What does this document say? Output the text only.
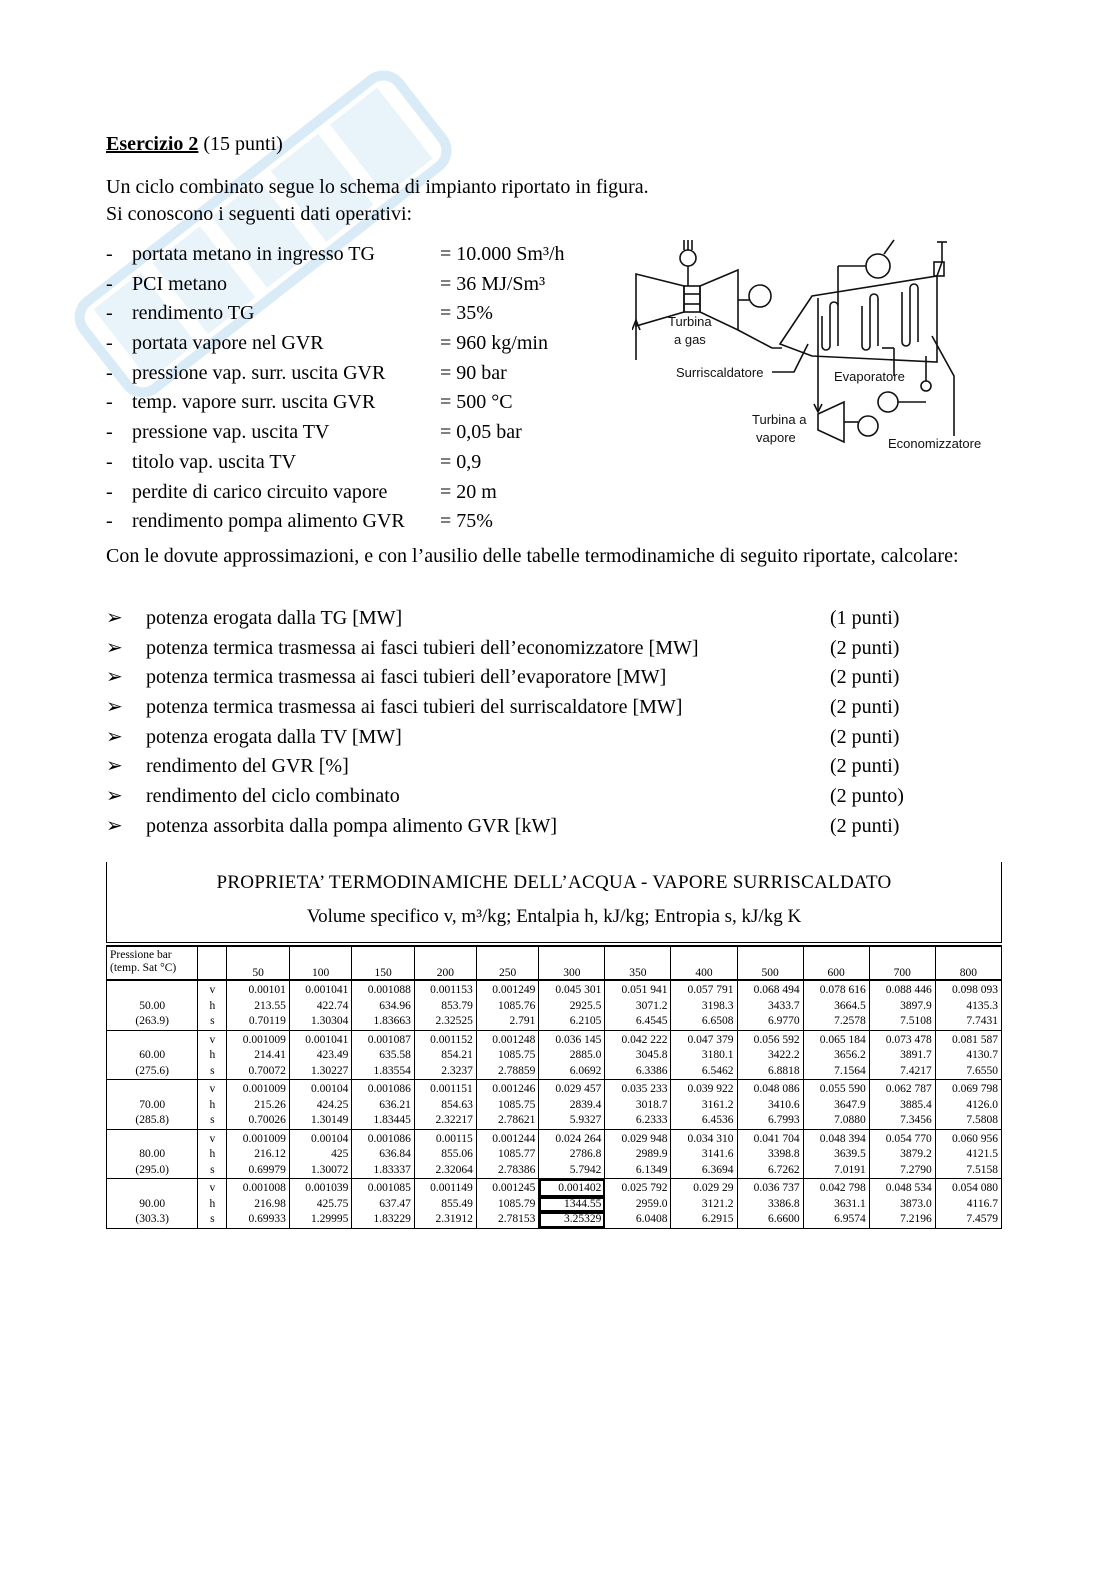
Esercizio 2 (15 punti)
Un ciclo combinato segue lo schema di impianto riportato in figura.
Si conoscono i seguenti dati operativi:
- portata metano in ingresso TG	= 10.000 Sm³/h
- PCI metano	= 36 MJ/Sm³
- rendimento TG	= 35%
- portata vapore nel GVR	= 960 kg/min
- pressione vap. surr. uscita GVR	= 90 bar
- temp. vapore surr. uscita GVR	= 500 °C
- pressione vap. uscita TV	= 0,05 bar
- titolo vap. uscita TV	= 0,9
- perdite di carico circuito vapore	= 20 m
- rendimento pompa alimento GVR = 75%
Turbina
a gas
Surriscaldatore	Evaporatore
Turbina a
vapore	Economizzatore
Con le dovute approssimazioni, e con l’ausilio delle tabelle termodinamiche di seguito riportate, calcolare:
➢ potenza erogata dalla TG [MW]	(1 punti)
➢ potenza termica trasmessa ai fasci tubieri dell’economizzatore [MW]	(2 punti)
➢ potenza termica trasmessa ai fasci tubieri dell’evaporatore [MW]	(2 punti)
➢ potenza termica trasmessa ai fasci tubieri del surriscaldatore [MW]	(2 punti)
➢ potenza erogata dalla TV [MW]	(2 punti)
➢ rendimento del GVR [%]	(2 punti)
➢ rendimento del ciclo combinato	(2 punto)
➢ potenza assorbita dalla pompa alimento GVR [kW]	(2 punti)
PROPRIETA’ TERMODINAMICHE DELL’ACQUA - VAPORE SURRISCALDATO
Volume specifico v, m³/kg; Entalpia h, kJ/kg; Entropia s, kJ/kg K
Pressione bar
(temp. Sat °C)		50	100	150	200	250	300	350	400	500	600	700	800
	v	0.00101	0.001041	0.001088	0.001153	0.001249	0.045 301	0.051 941	0.057 791	0.068 494	0.078 616	0.088 446	0.098 093
50.00	h	213.55	422.74	634.96	853.79	1085.76	2925.5	3071.2	3198.3	3433.7	3664.5	3897.9	4135.3
(263.9)	s	0.70119	1.30304	1.83663	2.32525	2.791	6.2105	6.4545	6.6508	6.9770	7.2578	7.5108	7.7431
	v	0.001009	0.001041	0.001087	0.001152	0.001248	0.036 145	0.042 222	0.047 379	0.056 592	0.065 184	0.073 478	0.081 587
60.00	h	214.41	423.49	635.58	854.21	1085.75	2885.0	3045.8	3180.1	3422.2	3656.2	3891.7	4130.7
(275.6)	s	0.70072	1.30227	1.83554	2.3237	2.78859	6.0692	6.3386	6.5462	6.8818	7.1564	7.4217	7.6550
	v	0.001009	0.00104	0.001086	0.001151	0.001246	0.029 457	0.035 233	0.039 922	0.048 086	0.055 590	0.062 787	0.069 798
70.00	h	215.26	424.25	636.21	854.63	1085.75	2839.4	3018.7	3161.2	3410.6	3647.9	3885.4	4126.0
(285.8)	s	0.70026	1.30149	1.83445	2.32217	2.78621	5.9327	6.2333	6.4536	6.7993	7.0880	7.3456	7.5808
	v	0.001009	0.00104	0.001086	0.00115	0.001244	0.024 264	0.029 948	0.034 310	0.041 704	0.048 394	0.054 770	0.060 956
80.00	h	216.12	425	636.84	855.06	1085.77	2786.8	2989.9	3141.6	3398.8	3639.5	3879.2	4121.5
(295.0)	s	0.69979	1.30072	1.83337	2.32064	2.78386	5.7942	6.1349	6.3694	6.7262	7.0191	7.2790	7.5158
	v	0.001008	0.001039	0.001085	0.001149	0.001245	0.001402	0.025 792	0.029 29	0.036 737	0.042 798	0.048 534	0.054 080
90.00	h	216.98	425.75	637.47	855.49	1085.79	1344.55	2959.0	3121.2	3386.8	3631.1	3873.0	4116.7
(303.3)	s	0.69933	1.29995	1.83229	2.31912	2.78153	3.25329	6.0408	6.2915	6.6600	6.9574	7.2196	7.4579
